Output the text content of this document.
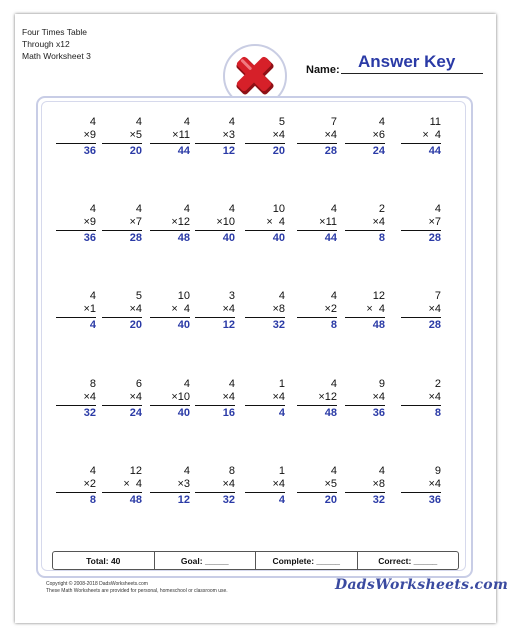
Four Times Table
Through x12
Math Worksheet 3
Name: Answer Key
4
×9
36
4
×5
20
4
×11
44
4
×3
12
5
×4
20
7
×4
28
4
×6
24
11
×  4
44
4
×9
36
4
×7
28
4
×12
48
4
×10
40
10
×  4
40
4
×11
44
2
×4
8
4
×7
28
4
×1
4
5
×4
20
10
×  4
40
3
×4
12
4
×8
32
4
×2
8
12
×  4
48
7
×4
28
8
×4
32
6
×4
24
4
×10
40
4
×4
16
1
×4
4
4
×12
48
9
×4
36
2
×4
8
4
×2
8
12
×  4
48
4
×3
12
8
×4
32
1
×4
4
4
×5
20
4
×8
32
9
×4
36
Total: 40	Goal: _____	Complete: _____	Correct: _____
Copyright © 2008-2018 DadsWorksheets.com
These Math Worksheets are provided for personal, homeschool or classroom use.	DadsWorksheets.com
